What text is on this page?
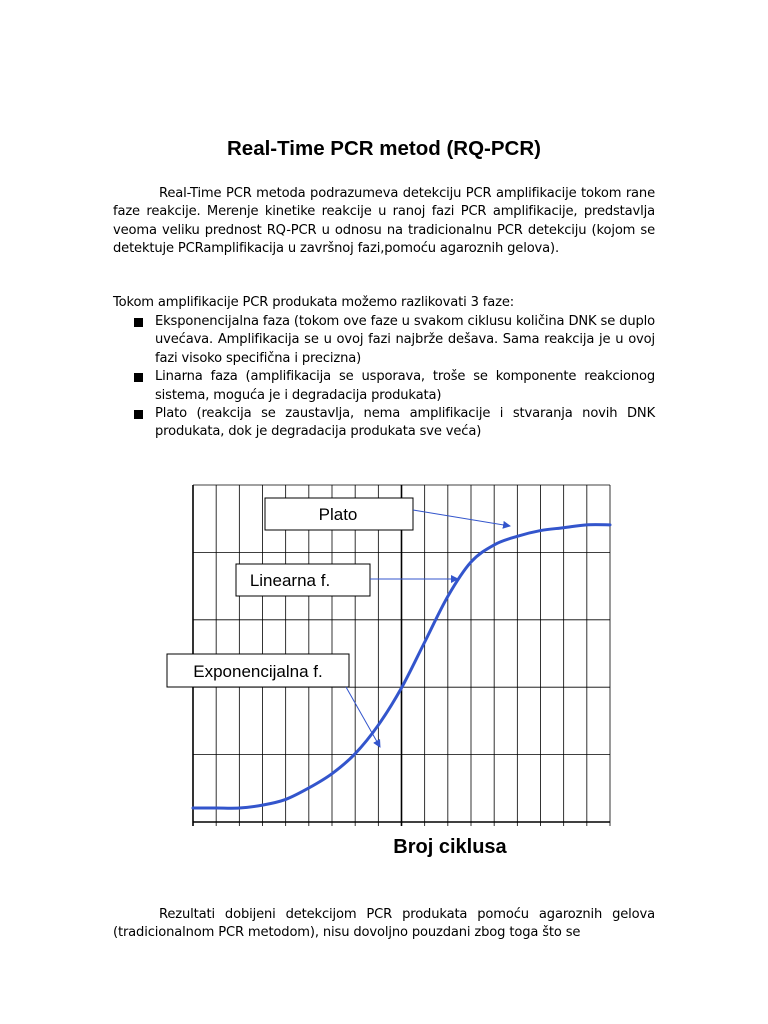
Real-Time PCR metod (RQ-PCR)

Real-Time PCR metoda podrazumeva detekciju PCR amplifikacije tokom rane faze reakcije. Merenje kinetike reakcije u ranoj fazi PCR amplifikacije, predstavlja veoma veliku prednost RQ-PCR u odnosu na tradicionalnu PCR detekciju (kojom se detektuje PCRamplifikacija u završnoj fazi,pomoću agaroznih gelova).

Tokom amplifikacije PCR produkata možemo razlikovati 3 faze:

Eksponencijalna faza (tokom ove faze u svakom ciklusu količina DNK se duplo uvećava. Amplifikacija se u ovoj fazi najbrže dešava. Sama reakcija je u ovoj fazi visoko specifična i precizna)
Linarna faza (amplifikacija se usporava, troše se komponente reakcionog sistema, moguća je i degradacija produkata)
Plato (reakcija se zaustavlja, nema amplifikacije i stvaranja novih DNK produkata, dok je degradacija produkata sve veća)
Plato
Linearna f.
Exponencijalna f.
Broj ciklusa

Rezultati dobijeni detekcijom PCR produkata pomoću agaroznih gelova (tradicionalnom PCR metodom), nisu dovoljno pouzdani zbog toga što se
